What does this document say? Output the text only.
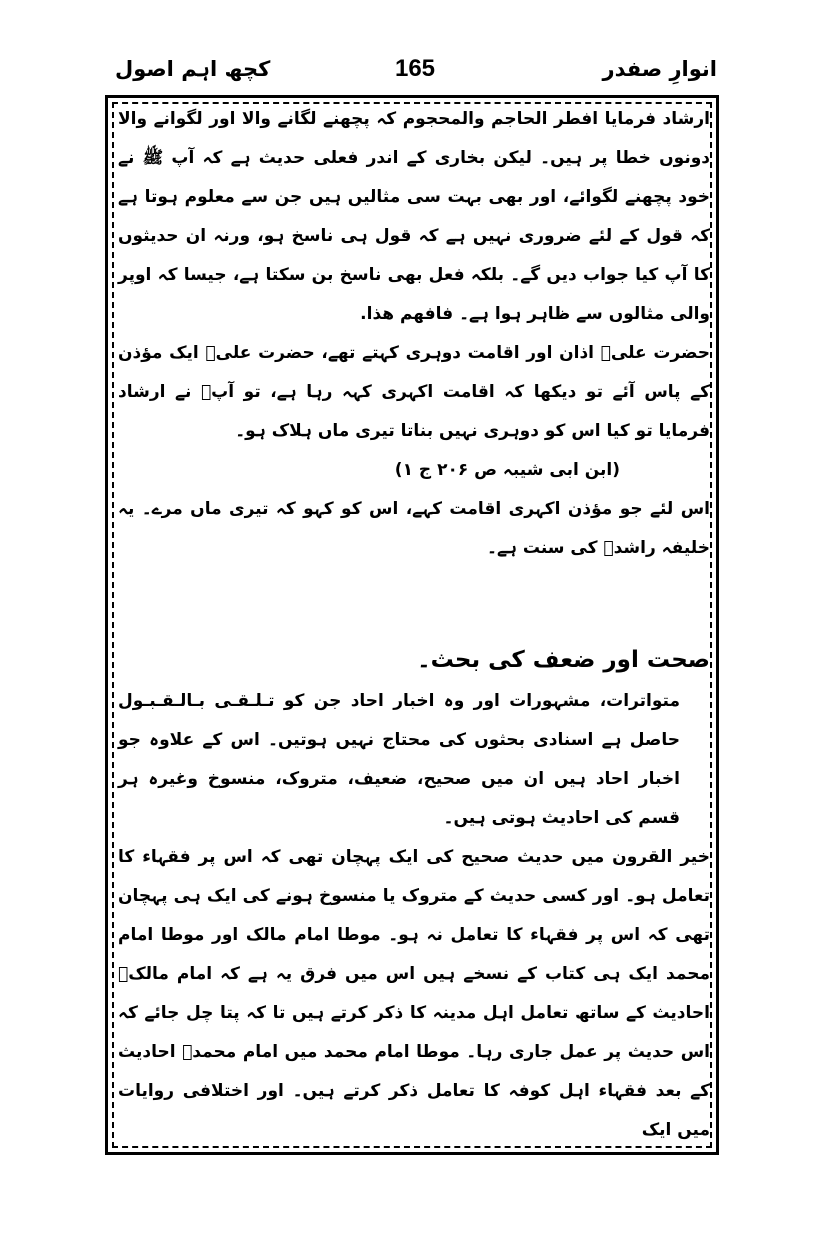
کچھ اہم اصول	165	انوارِ صفدر

ارشاد فرمایا افطر الحاجم والمحجوم کہ پچھنے لگانے والا اور لگوانے والا دونوں خطا پر ہیں۔ لیکن بخاری کے اندر فعلی حدیث ہے کہ آپ ﷺ نے خود پچھنے لگوائے، اور بھی بہت سی مثالیں ہیں جن سے معلوم ہوتا ہے کہ قول کے لئے ضروری نہیں ہے کہ قول ہی ناسخ ہو، ورنہ ان حدیثوں کا آپ کیا جواب دیں گے۔ بلکہ فعل بھی ناسخ بن سکتا ہے، جیسا کہ اوپر والی مثالوں سے ظاہر ہوا ہے۔ فافهم هذا.

حضرت علیؓ اذان اور اقامت دوہری کہتے تھے، حضرت علیؓ ایک مؤذن کے پاس آئے تو دیکھا کہ اقامت اکہری کہہ رہا ہے، تو آپؓ نے ارشاد فرمایا تو کیا اس کو دوہری نہیں بناتا تیری ماں ہلاک ہو۔

(ابن ابی شیبہ ص ۲۰۶ ج ۱)

اس لئے جو مؤذن اکہری اقامت کہے، اس کو کہو کہ تیری ماں مرے۔ یہ خلیفہ راشدؓ کی سنت ہے۔

صحت اور ضعف کی بحث۔

متواترات، مشہورات اور وہ اخبار احاد جن کو تـلـقـی بـالـقـبـول حاصل ہے اسنادی بحثوں کی محتاج نہیں ہوتیں۔ اس کے علاوہ جو اخبار احاد ہیں ان میں صحیح، ضعیف، متروک، منسوخ وغیرہ ہر قسم کی احادیث ہوتی ہیں۔

خیر القرون میں حدیث صحیح کی ایک پہچان تھی کہ اس پر فقہاء کا تعامل ہو۔ اور کسی حدیث کے متروک یا منسوخ ہونے کی ایک ہی پہچان تھی کہ اس پر فقہاء کا تعامل نہ ہو۔ موطا امام مالک اور موطا امام محمد ایک ہی کتاب کے نسخے ہیں اس میں فرق یہ ہے کہ امام مالکؒ احادیث کے ساتھ تعامل اہل مدینہ کا ذکر کرتے ہیں تا کہ پتا چل جائے کہ اس حدیث پر عمل جاری رہا۔ موطا امام محمد میں امام محمدؒ احادیث کے بعد فقہاء اہل کوفہ کا تعامل ذکر کرتے ہیں۔ اور اختلافی روایات میں ایک
